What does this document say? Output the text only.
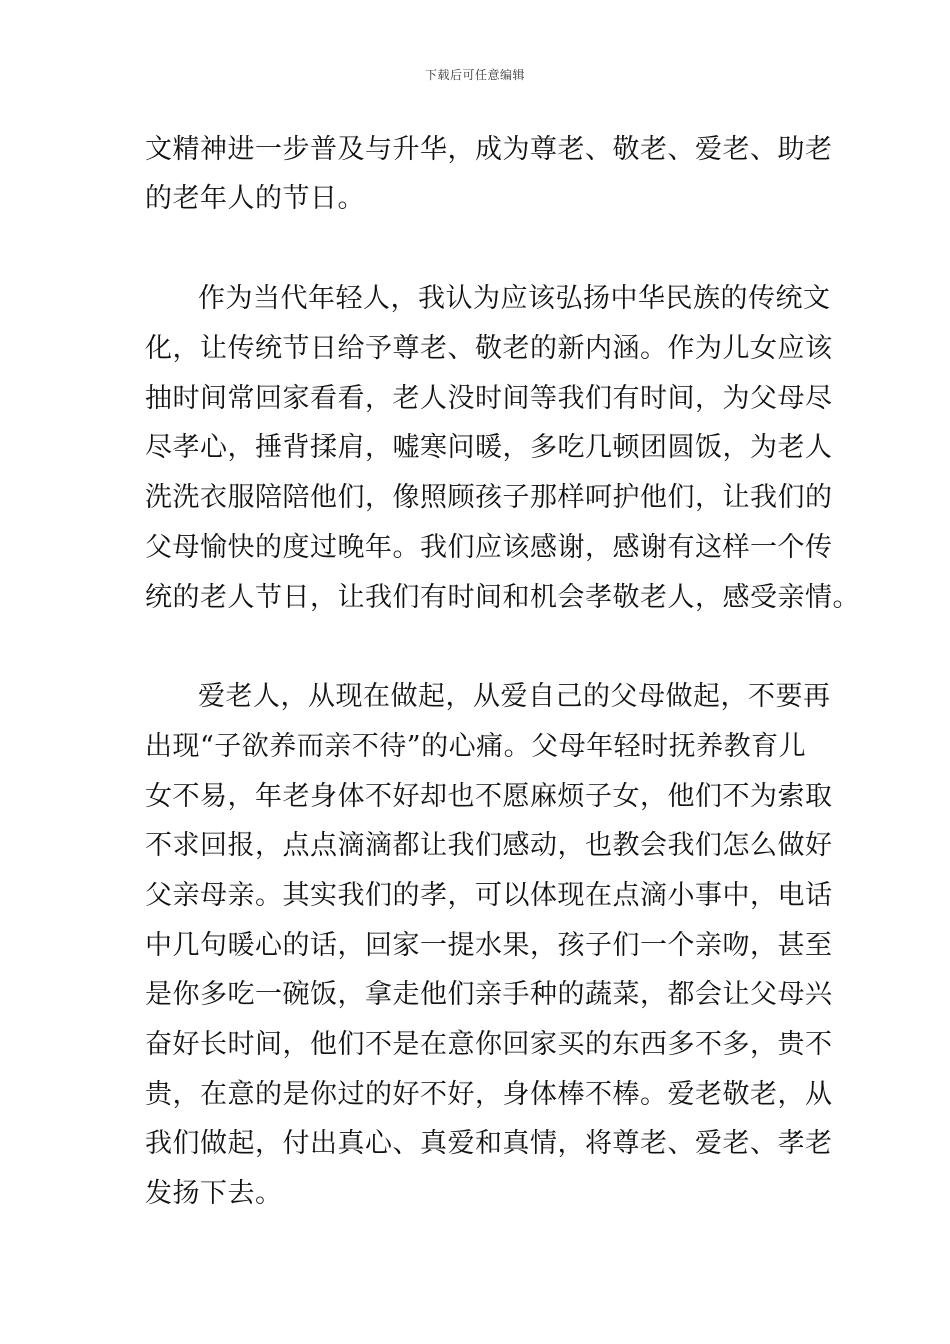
下载后可任意编辑
文精神进一步普及与升华，成为尊老、敬老、爱老、助老
的老年人的节日。
作为当代年轻人，我认为应该弘扬中华民族的传统文
化，让传统节日给予尊老、敬老的新内涵。作为儿女应该
抽时间常回家看看，老人没时间等我们有时间，为父母尽
尽孝心，捶背揉肩，嘘寒问暖，多吃几顿团圆饭，为老人
洗洗衣服陪陪他们，像照顾孩子那样呵护他们，让我们的
父母愉快的度过晚年。我们应该感谢，感谢有这样一个传
统的老人节日，让我们有时间和机会孝敬老人，感受亲情。
爱老人，从现在做起，从爱自己的父母做起，不要再
出现“子欲养而亲不待”的心痛。父母年轻时抚养教育儿
女不易，年老身体不好却也不愿麻烦子女，他们不为索取
不求回报，点点滴滴都让我们感动，也教会我们怎么做好
父亲母亲。其实我们的孝，可以体现在点滴小事中，电话
中几句暖心的话，回家一提水果，孩子们一个亲吻，甚至
是你多吃一碗饭，拿走他们亲手种的蔬菜，都会让父母兴
奋好长时间，他们不是在意你回家买的东西多不多，贵不
贵，在意的是你过的好不好，身体棒不棒。爱老敬老，从
我们做起，付出真心、真爱和真情，将尊老、爱老、孝老
发扬下去。
